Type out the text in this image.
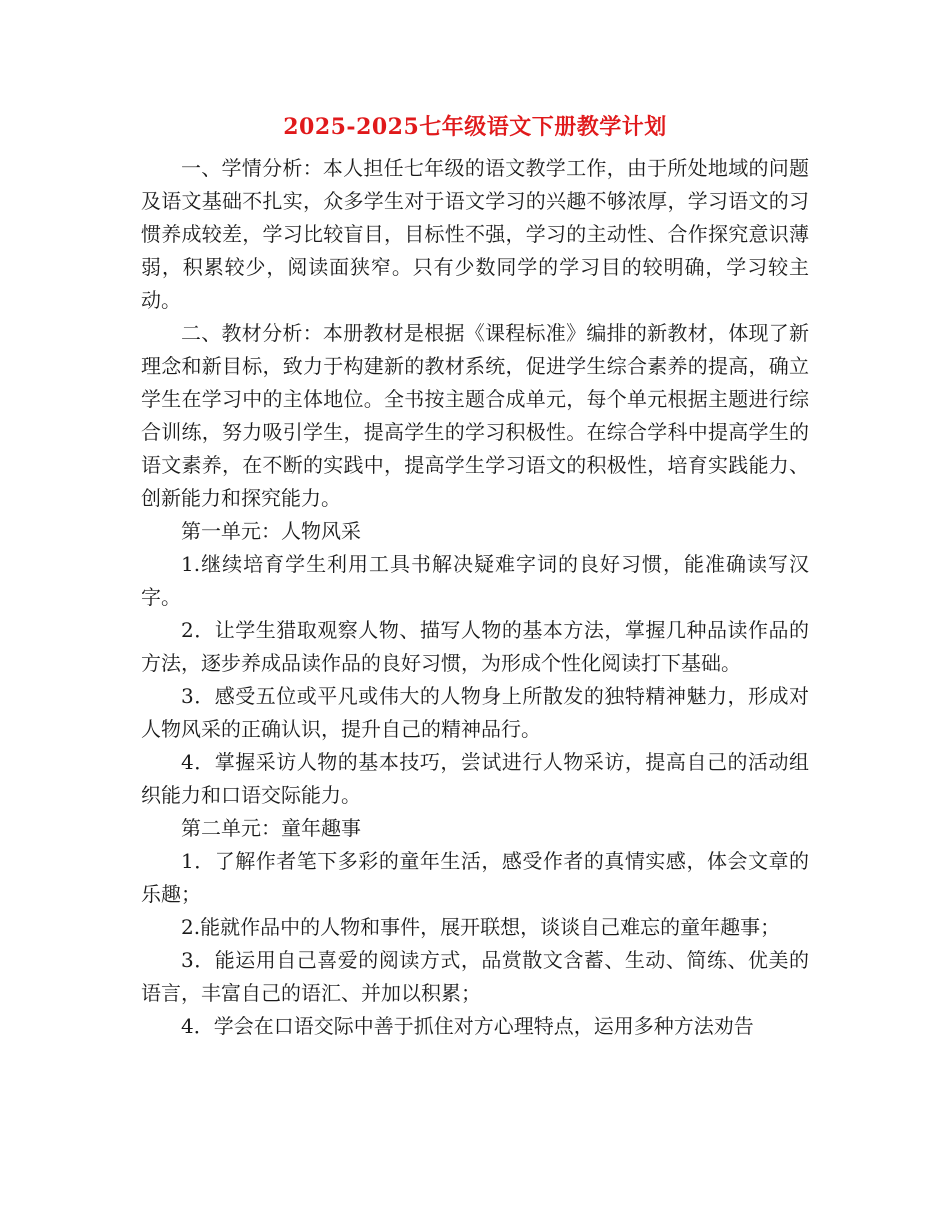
2025-2025七年级语文下册教学计划

一、学情分析：本人担任七年级的语文教学工作，由于所处地域的问题及语文基础不扎实，众多学生对于语文学习的兴趣不够浓厚，学习语文的习惯养成较差，学习比较盲目，目标性不强，学习的主动性、合作探究意识薄弱，积累较少，阅读面狭窄。只有少数同学的学习目的较明确，学习较主动。

二、教材分析：本册教材是根据《课程标准》编排的新教材，体现了新理念和新目标，致力于构建新的教材系统，促进学生综合素养的提高，确立学生在学习中的主体地位。全书按主题合成单元，每个单元根据主题进行综合训练，努力吸引学生，提高学生的学习积极性。在综合学科中提高学生的语文素养，在不断的实践中，提高学生学习语文的积极性，培育实践能力、创新能力和探究能力。

第一单元：人物风采

1.继续培育学生利用工具书解决疑难字词的良好习惯，能准确读写汉字。

2．让学生猎取观察人物、描写人物的基本方法，掌握几种品读作品的方法，逐步养成品读作品的良好习惯，为形成个性化阅读打下基础。

3．感受五位或平凡或伟大的人物身上所散发的独特精神魅力，形成对人物风采的正确认识，提升自己的精神品行。

4．掌握采访人物的基本技巧，尝试进行人物采访，提高自己的活动组织能力和口语交际能力。

第二单元：童年趣事

1．了解作者笔下多彩的童年生活，感受作者的真情实感，体会文章的乐趣；

2.能就作品中的人物和事件，展开联想，谈谈自己难忘的童年趣事；

3．能运用自己喜爱的阅读方式，品赏散文含蓄、生动、简练、优美的语言，丰富自己的语汇、并加以积累；

4．学会在口语交际中善于抓住对方心理特点，运用多种方法劝告
